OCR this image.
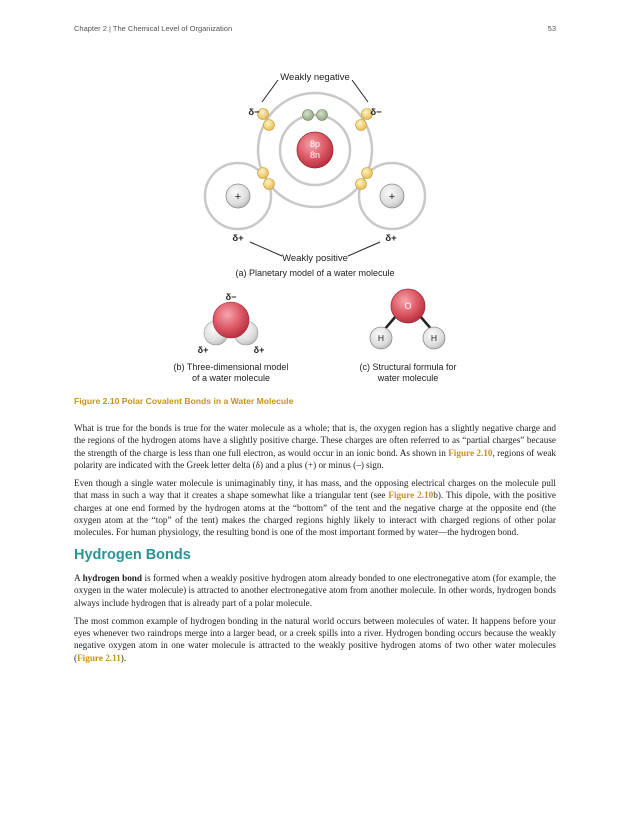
Chapter 2 | The Chemical Level of Organization	53
8p
8n
+	+
Weakly negative
δ−	δ−
δ+	δ+
Weakly positive
(a) Planetary model of a water molecule
δ−
δ+	δ+
(b) Three-dimensional model
of a water molecule
O
H	H
(c) Structural formula for
water molecule
Figure 2.10 Polar Covalent Bonds in a Water Molecule

What is true for the bonds is true for the water molecule as a whole; that is, the oxygen region has a slightly negative charge and the regions of the hydrogen atoms have a slightly positive charge. These charges are often referred to as “partial charges” because the strength of the charge is less than one full electron, as would occur in an ionic bond. As shown in Figure 2.10, regions of weak polarity are indicated with the Greek letter delta (δ) and a plus (+) or minus (–) sign.

Even though a single water molecule is unimaginably tiny, it has mass, and the opposing electrical charges on the molecule pull that mass in such a way that it creates a shape somewhat like a triangular tent (see Figure 2.10b). This dipole, with the positive charges at one end formed by the hydrogen atoms at the “bottom” of the tent and the negative charge at the opposite end (the oxygen atom at the “top” of the tent) makes the charged regions highly likely to interact with charged regions of other polar molecules. For human physiology, the resulting bond is one of the most important formed by water—the hydrogen bond.

Hydrogen Bonds

A hydrogen bond is formed when a weakly positive hydrogen atom already bonded to one electronegative atom (for example, the oxygen in the water molecule) is attracted to another electronegative atom from another molecule. In other words, hydrogen bonds always include hydrogen that is already part of a polar molecule.

The most common example of hydrogen bonding in the natural world occurs between molecules of water. It happens before your eyes whenever two raindrops merge into a larger bead, or a creek spills into a river. Hydrogen bonding occurs because the weakly negative oxygen atom in one water molecule is attracted to the weakly positive hydrogen atoms of two other water molecules (Figure 2.11).
